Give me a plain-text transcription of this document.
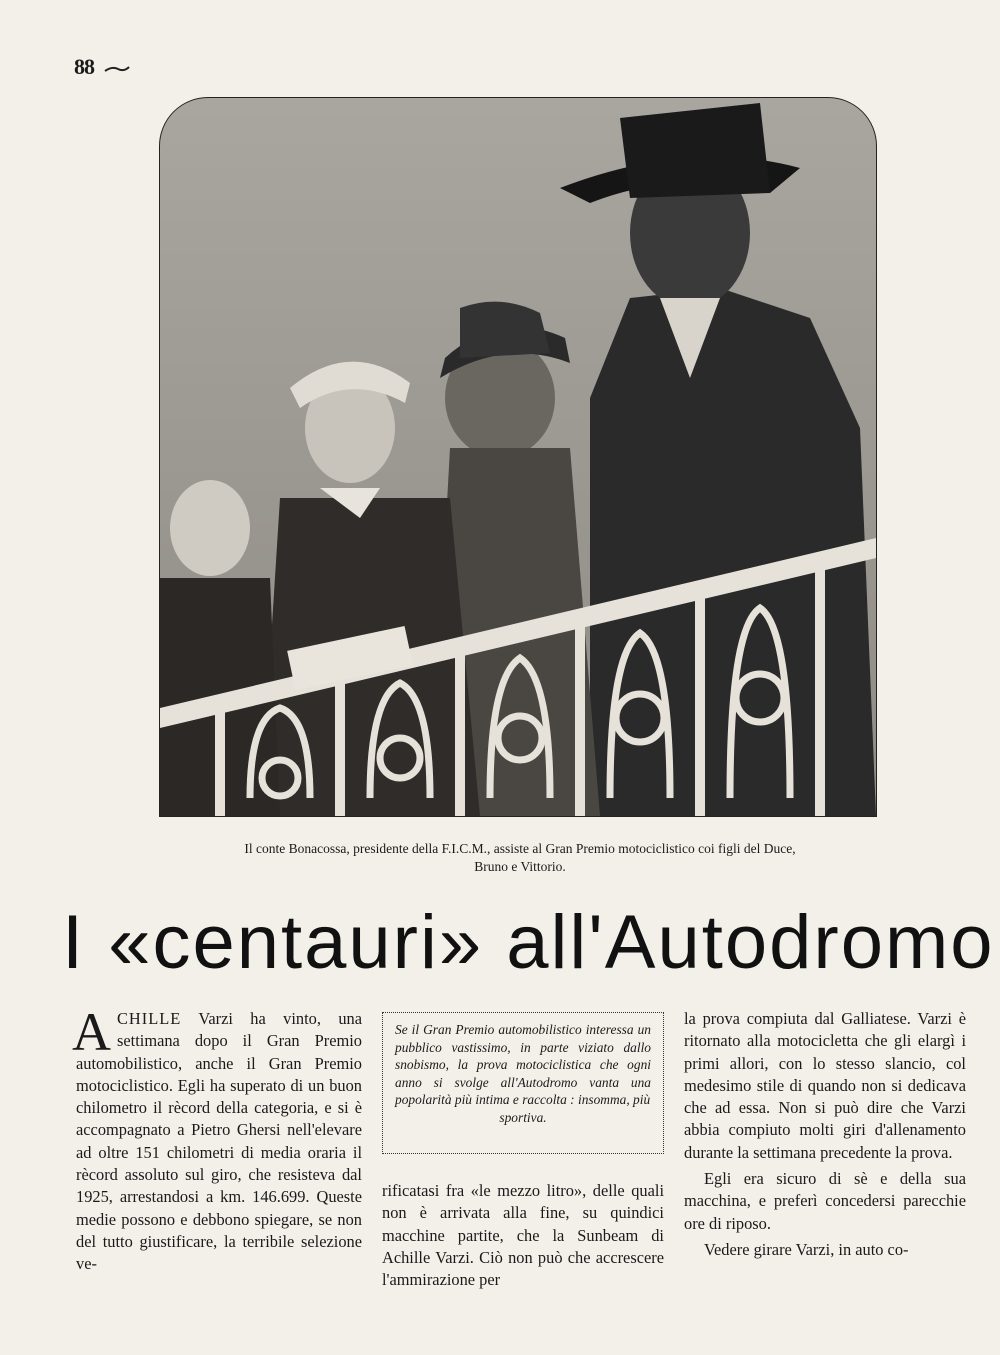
88
Il conte Bonacossa, presidente della F.I.C.M., assiste al Gran Premio motociclistico coi figli del Duce,
Bruno e Vittorio.
I «centauri» all'Autodromo

ACHILLE Varzi ha vinto, una settimana dopo il Gran Premio automobilistico, anche il Gran Premio motociclistico. Egli ha superato di un buon chilometro il rècord della categoria, e si è accompagnato a Pietro Ghersi nell'elevare ad oltre 151 chilometri di media oraria il rècord assoluto sul giro, che resisteva dal 1925, arrestandosi a km. 146.699. Queste medie possono e debbono spiegare, se non del tutto giustificare, la terribile selezione ve-

Se il Gran Premio automobilistico interessa un pubblico vastissimo, in parte viziato dallo snobismo, la prova motociclistica che ogni anno si svolge all'Autodromo vanta una popolarità più intima e raccolta : insomma, più
sportiva.

rificatasi fra «le mezzo litro», delle quali non è arrivata alla fine, su quindici macchine partite, che la Sunbeam di Achille Varzi. Ciò non può che accrescere l'ammirazione per

la prova compiuta dal Galliatese. Varzi è ritornato alla motocicletta che gli elargì i primi allori, con lo stesso slancio, col medesimo stile di quando non si dedicava che ad essa. Non si può dire che Varzi abbia compiuto molti giri d'allenamento durante la settimana precedente la prova.

Egli era sicuro di sè e della sua macchina, e preferì concedersi parecchie ore di riposo.

Vedere girare Varzi, in auto co-
